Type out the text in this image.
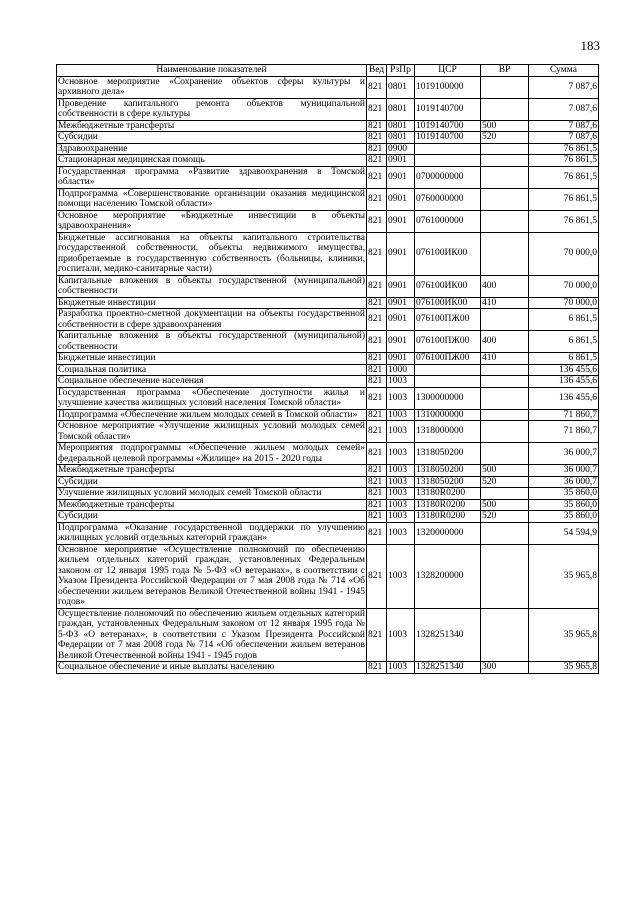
183
Наименование показателей	Вед	РзПр	ЦСР	ВР	Сумма
Основное мероприятие «Сохранение объектов сферы культуры и архивного дела»	821	0801	1019100000		7 087,6
Проведение капитального ремонта объектов муниципальной собственности в сфере культуры	821	0801	1019140700		7 087,6
Межбюджетные трансферты	821	0801	1019140700	500	7 087,6
Субсидии	821	0801	1019140700	520	7 087,6
Здравоохранение	821	0900			76 861,5
Стационарная медицинская помощь	821	0901			76 861,5
Государственная программа «Развитие здравоохранения в Томской области»	821	0901	0700000000		76 861,5
Подпрограмма «Совершенствование организации оказания медицинской помощи населению Томской области»	821	0901	0760000000		76 861,5
Основное мероприятие «Бюджетные инвестиции в объекты здравоохранения»	821	0901	0761000000		76 861,5
Бюджетные ассигнования на объекты капитального строительства государственной собственности, объекты недвижимого имущества, приобретаемые в государственную собственность (больницы, клиники, госпитали, медико-санитарные части)	821	0901	076100ИК00		70 000,0
Капитальные вложения в объекты государственной (муниципальной) собственности	821	0901	076100ИК00	400	70 000,0
Бюджетные инвестиции	821	0901	076100ИК00	410	70 000,0
Разработка проектно-сметной документации на объекты государственной собственности в сфере здравоохранения	821	0901	076100ПЖ00		6 861,5
Капитальные вложения в объекты государственной (муниципальной) собственности	821	0901	076100ПЖ00	400	6 861,5
Бюджетные инвестиции	821	0901	076100ПЖ00	410	6 861,5
Социальная политика	821	1000			136 455,6
Социальное обеспечение населения	821	1003			136 455,6
Государственная программа «Обеспечение доступности жилья и улучшение качества жилищных условий населения Томской области»	821	1003	1300000000		136 455,6
Подпрограмма «Обеспечение жильем молодых семей в Томской области»	821	1003	1310000000		71 860,7
Основное мероприятие «Улучшение жилищных условий молодых семей Томской области»	821	1003	1318000000		71 860,7
Мероприятия подпрограммы «Обеспечение жильем молодых семей» федеральной целевой программы «Жилище» на 2015 - 2020 годы	821	1003	1318050200		36 000,7
Межбюджетные трансферты	821	1003	1318050200	500	36 000,7
Субсидии	821	1003	1318050200	520	36 000,7
Улучшение жилищных условий молодых семей Томской области	821	1003	13180R0200		35 860,0
Межбюджетные трансферты	821	1003	13180R0200	500	35 860,0
Субсидии	821	1003	13180R0200	520	35 860,0
Подпрограмма «Оказание государственной поддержки по улучшению жилищных условий отдельных категорий граждан»	821	1003	1320000000		54 594,9
Основное мероприятие «Осуществление полномочий по обеспечению жильем отдельных категорий граждан, установленных Федеральным законом от 12 января 1995 года № 5-ФЗ «О ветеранах», в соответствии с Указом Президента Российской Федерации от 7 мая 2008 года № 714 «Об обеспечении жильем ветеранов Великой Отечественной войны 1941 - 1945 годов»	821	1003	1328200000		35 965,8
Осуществление полномочий по обеспечению жильем отдельных категорий граждан, установленных Федеральным законом от 12 января 1995 года № 5-ФЗ «О ветеранах», в соответствии с Указом Президента Российской Федерации от 7 мая 2008 года № 714 «Об обеспечении жильем ветеранов Великой Отечественной войны 1941 - 1945 годов	821	1003	1328251340		35 965,8
Социальное обеспечение и иные выплаты населению	821	1003	1328251340	300	35 965,8
